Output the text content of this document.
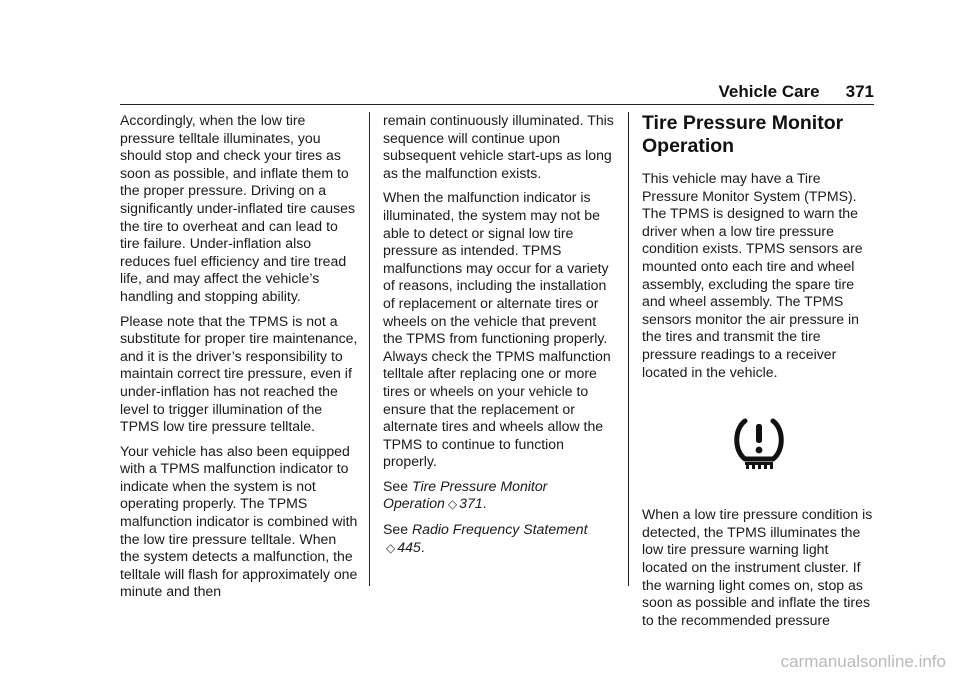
Vehicle Care 371

Accordingly, when the low tire pressure telltale illuminates, you should stop and check your tires as soon as possible, and inflate them to the proper pressure. Driving on a significantly under-inflated tire causes the tire to overheat and can lead to tire failure. Under-inflation also reduces fuel efficiency and tire tread life, and may affect the vehicle’s handling and stopping ability.

Please note that the TPMS is not a substitute for proper tire maintenance, and it is the driver’s responsibility to maintain correct tire pressure, even if under-inflation has not reached the level to trigger illumination of the TPMS low tire pressure telltale.

Your vehicle has also been equipped with a TPMS malfunction indicator to indicate when the system is not operating properly. The TPMS malfunction indicator is combined with the low tire pressure telltale. When the system detects a malfunction, the telltale will flash for approximately one minute and then

remain continuously illuminated. This sequence will continue upon subsequent vehicle start-ups as long as the malfunction exists.

When the malfunction indicator is illuminated, the system may not be able to detect or signal low tire pressure as intended. TPMS malfunctions may occur for a variety of reasons, including the installation of replacement or alternate tires or wheels on the vehicle that prevent the TPMS from functioning properly. Always check the TPMS malfunction telltale after replacing one or more tires or wheels on your vehicle to ensure that the replacement or alternate tires and wheels allow the TPMS to continue to function properly.

See Tire Pressure Monitor Operation ◇ 371.

See Radio Frequency Statement
◇ 445.

Tire Pressure Monitor Operation

This vehicle may have a Tire Pressure Monitor System (TPMS). The TPMS is designed to warn the driver when a low tire pressure condition exists. TPMS sensors are mounted onto each tire and wheel assembly, excluding the spare tire and wheel assembly. The TPMS sensors monitor the air pressure in the tires and transmit the tire pressure readings to a receiver located in the vehicle.

When a low tire pressure condition is detected, the TPMS illuminates the low tire pressure warning light located on the instrument cluster. If the warning light comes on, stop as soon as possible and inflate the tires to the recommended pressure

carmanualsonline.info
